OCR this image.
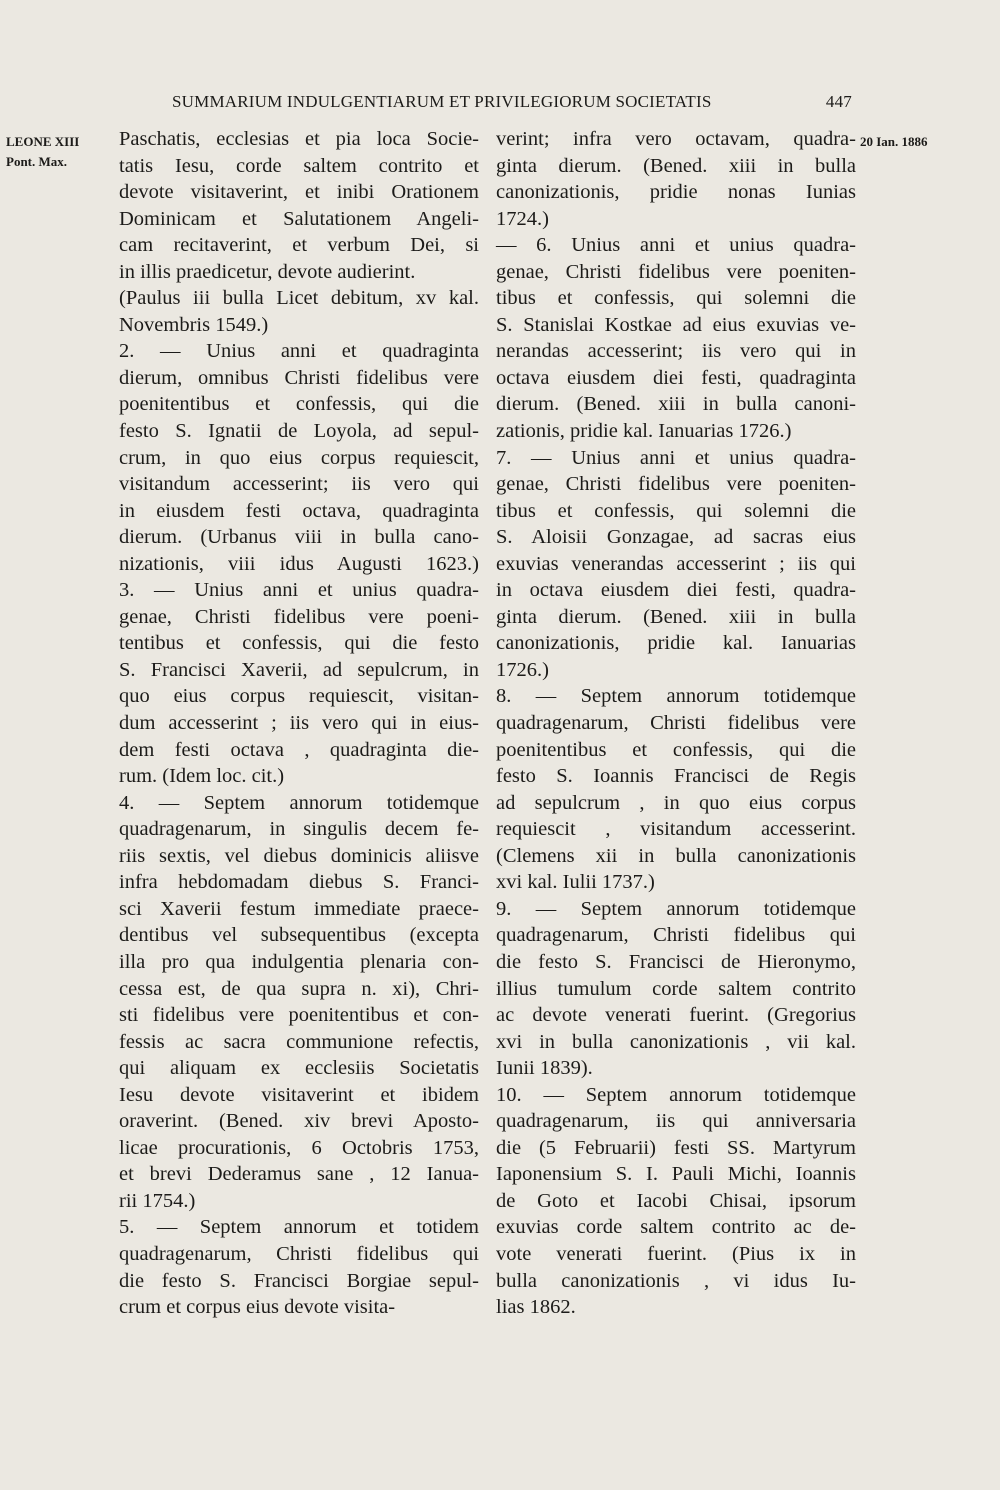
SUMMARIUM INDULGENTIARUM ET PRIVILEGIORUM SOCIETATIS	447
LEONE XIII
Pont. Max.
20 Ian. 1886
Paschatis, ecclesias et pia loca Socie-
tatis Iesu, corde saltem contrito et
devote visitaverint, et inibi Orationem
Dominicam et Salutationem Angeli-
cam recitaverint, et verbum Dei, si
in illis praedicetur, devote audierint.
(Paulus iii bulla Licet debitum, xv kal.
Novembris 1549.)
2. — Unius anni et quadraginta
dierum, omnibus Christi fidelibus vere
poenitentibus et confessis, qui die
festo S. Ignatii de Loyola, ad sepul-
crum, in quo eius corpus requiescit,
visitandum accesserint; iis vero qui
in eiusdem festi octava, quadraginta
dierum. (Urbanus viii in bulla cano-
nizationis, viii idus Augusti 1623.)
3. — Unius anni et unius quadra-
genae, Christi fidelibus vere poeni-
tentibus et confessis, qui die festo
S. Francisci Xaverii, ad sepulcrum, in
quo eius corpus requiescit, visitan-
dum accesserint ; iis vero qui in eius-
dem festi octava , quadraginta die-
rum. (Idem loc. cit.)
4. — Septem annorum totidemque
quadragenarum, in singulis decem fe-
riis sextis, vel diebus dominicis aliisve
infra hebdomadam diebus S. Franci-
sci Xaverii festum immediate praece-
dentibus vel subsequentibus (excepta
illa pro qua indulgentia plenaria con-
cessa est, de qua supra n. xi), Chri-
sti fidelibus vere poenitentibus et con-
fessis ac sacra communione refectis,
qui aliquam ex ecclesiis Societatis
Iesu devote visitaverint et ibidem
oraverint. (Bened. xiv brevi Aposto-
licae procurationis, 6 Octobris 1753,
et brevi Dederamus sane , 12 Ianua-
rii 1754.)
5. — Septem annorum et totidem
quadragenarum, Christi fidelibus qui
die festo S. Francisci Borgiae sepul-
crum et corpus eius devote visita-
verint; infra vero octavam, quadra-
ginta dierum. (Bened. xiii in bulla
canonizationis, pridie nonas Iunias
1724.)
— 6. Unius anni et unius quadra-
genae, Christi fidelibus vere poeniten-
tibus et confessis, qui solemni die
S. Stanislai Kostkae ad eius exuvias ve-
nerandas accesserint; iis vero qui in
octava eiusdem diei festi, quadraginta
dierum. (Bened. xiii in bulla canoni-
zationis, pridie kal. Ianuarias 1726.)
7. — Unius anni et unius quadra-
genae, Christi fidelibus vere poeniten-
tibus et confessis, qui solemni die
S. Aloisii Gonzagae, ad sacras eius
exuvias venerandas accesserint ; iis qui
in octava eiusdem diei festi, quadra-
ginta dierum. (Bened. xiii in bulla
canonizationis, pridie kal. Ianuarias
1726.)
8. — Septem annorum totidemque
quadragenarum, Christi fidelibus vere
poenitentibus et confessis, qui die
festo S. Ioannis Francisci de Regis
ad sepulcrum , in quo eius corpus
requiescit , visitandum accesserint.
(Clemens xii in bulla canonizationis
xvi kal. Iulii 1737.)
9. — Septem annorum totidemque
quadragenarum, Christi fidelibus qui
die festo S. Francisci de Hieronymo,
illius tumulum corde saltem contrito
ac devote venerati fuerint. (Gregorius
xvi in bulla canonizationis , vii kal.
Iunii 1839).
10. — Septem annorum totidemque
quadragenarum, iis qui anniversaria
die (5 Februarii) festi SS. Martyrum
Iaponensium S. I. Pauli Michi, Ioannis
de Goto et Iacobi Chisai, ipsorum
exuvias corde saltem contrito ac de-
vote venerati fuerint. (Pius ix in
bulla canonizationis , vi idus Iu-
lias 1862.
